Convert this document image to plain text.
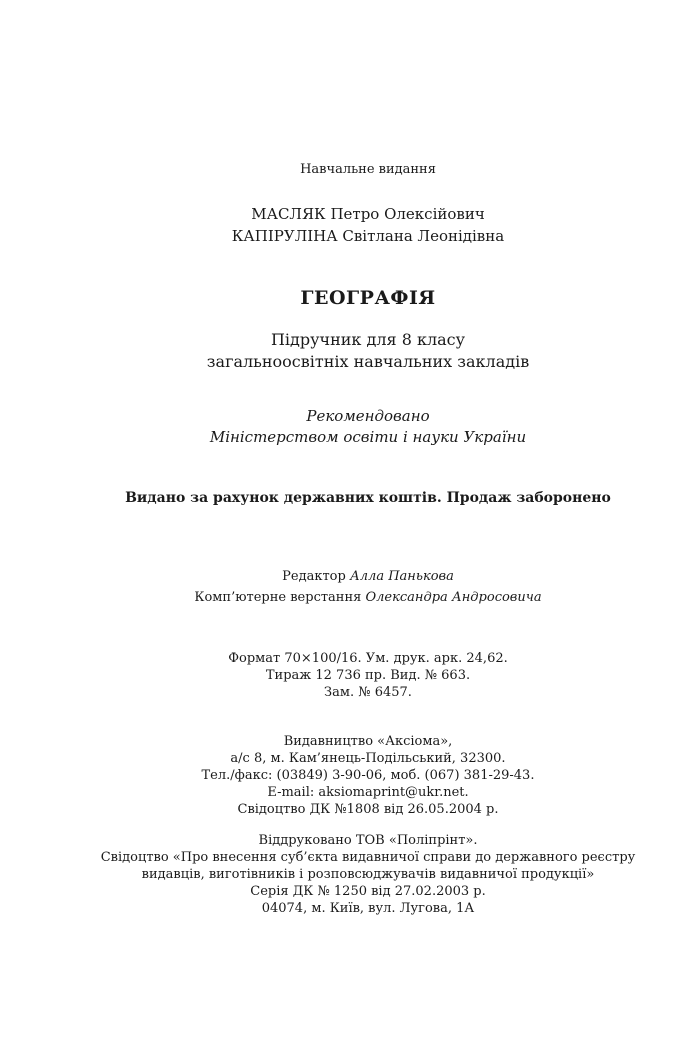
Навчальне видання
МАСЛЯК Петро Олексійович
КАПІРУЛІНА Світлана Леонідівна
ГЕОГРАФІЯ
Підручник для 8 класу
загальноосвітніх навчальних закладів
Рекомендовано
Міністерством освіти і науки України
Видано за рахунок державних коштів. Продаж заборонено
Редактор Алла Панькова
Комп’ютерне верстання Олександра Андросовича
Формат 70×100/16. Ум. друк. арк. 24,62.
Тираж 12 736 пр. Вид. № 663.
Зам. № 6457.
Видавництво «Аксіома»,
а/с 8, м. Кам’янець-Подільський, 32300.
Тел./факс: (03849) 3-90-06, моб. (067) 381-29-43.
E-mail: aksiomaprint@ukr.net.
Свідоцтво ДК №1808 від 26.05.2004 р.
Віддруковано ТОВ «Поліпрінт».
Свідоцтво «Про внесення суб’єкта видавничої справи до державного реєстру
видавців, виготівників і розповсюджувачів видавничої продукції»
Серія ДК № 1250 від 27.02.2003 р.
04074, м. Київ, вул. Лугова, 1А
